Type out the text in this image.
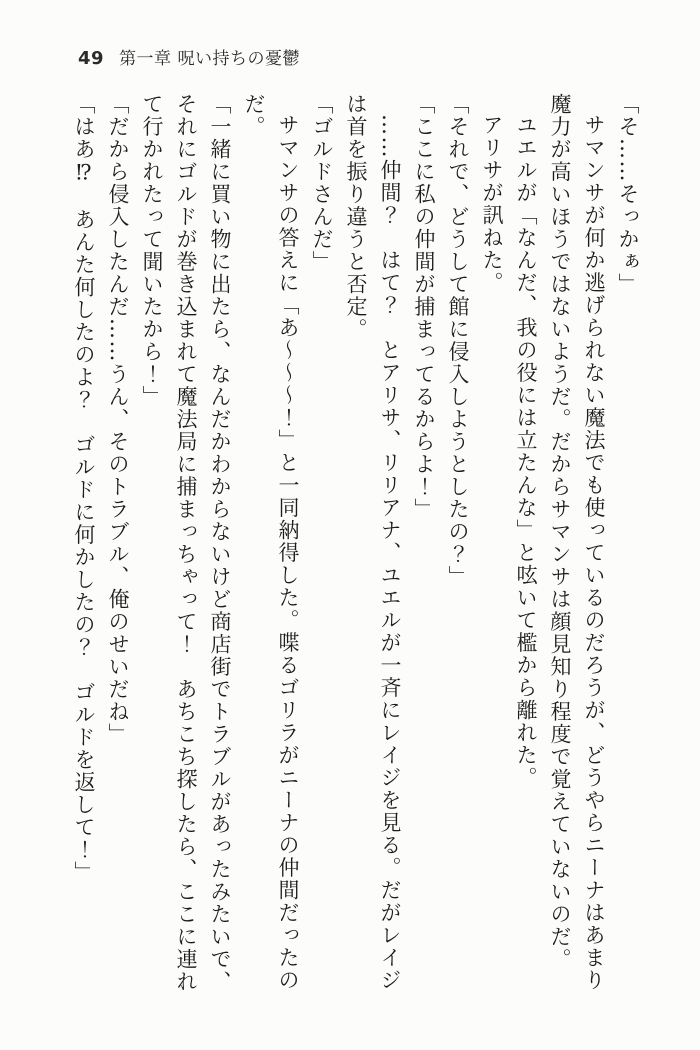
49 第一章 呪い持ちの憂鬱

「そ……そっかぁ」

サマンサが何か逃げられない魔法でも使っているのだろうが、どうやらニーナはあまり魔力が高いほうではないようだ。だからサマンサは顔見知り程度で覚えていないのだ。

ユエルが「なんだ、我の役には立たんな」と呟いて檻から離れた。

アリサが訊ねた。

「それで、どうして館に侵入しようとしたの？」

「ここに私の仲間が捕まってるからよ！」

……仲間？　はて？　とアリサ、リリアナ、ユエルが一斉にレイジを見る。だがレイジは首を振り違うと否定。

「ゴルドさんだ」

サマンサの答えに「あ～～～！」と一同納得した。喋るゴリラがニーナの仲間だったのだ。

「一緒に買い物に出たら、なんだかわからないけど商店街でトラブルがあったみたいで、それにゴルドが巻き込まれて魔法局に捕まっちゃって！　あちこち探したら、ここに連れて行かれたって聞いたから！」

「だから侵入したんだ……うん、そのトラブル、俺のせいだね」

「はあ⁉　あんた何したのよ？　ゴルドに何かしたの？　ゴルドを返して！」
